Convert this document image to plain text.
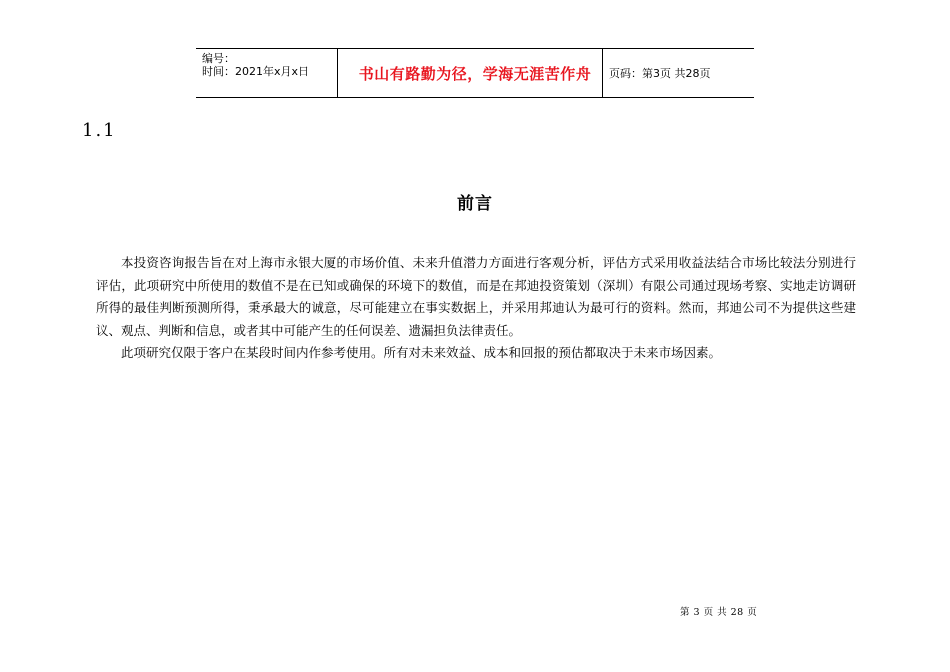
编号：
时间：2021年x月x日	书山有路勤为径，学海无涯苦作舟	页码：第3页 共28页
1.1
前言

本投资咨询报告旨在对上海市永银大厦的市场价值、未来升值潜力方面进行客观分析，评估方式采用收益法结合市场比较法分别进行评估，此项研究中所使用的数值不是在已知或确保的环境下的数值，而是在邦迪投资策划（深圳）有限公司通过现场考察、实地走访调研所得的最佳判断预测所得，秉承最大的诚意，尽可能建立在事实数据上，并采用邦迪认为最可行的资料。然而，邦迪公司不为提供这些建议、观点、判断和信息，或者其中可能产生的任何误差、遗漏担负法律责任。

此项研究仅限于客户在某段时间内作参考使用。所有对未来效益、成本和回报的预估都取决于未来市场因素。

第 3 页 共 28 页
